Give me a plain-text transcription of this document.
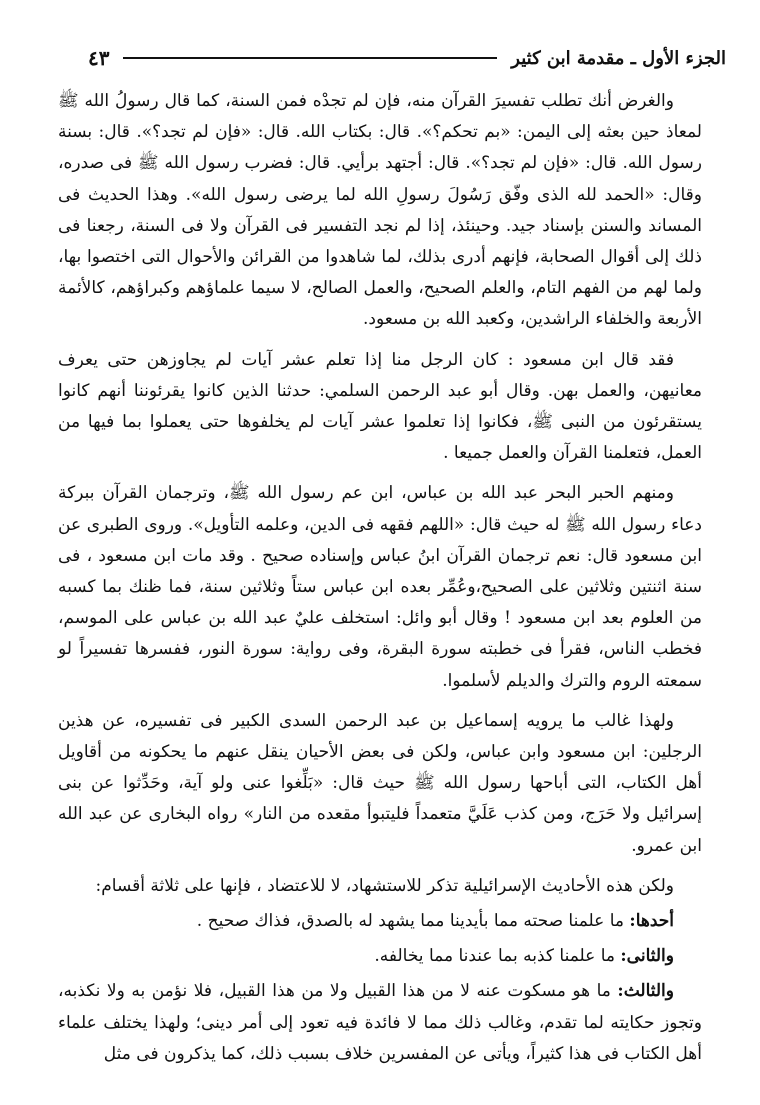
الجزء الأول ـ مقدمة ابن كثير
٤٣

والغرض أنك تطلب تفسيرَ القرآن منه، فإن لم تجدْه فمن السنة، كما قال رسولُ الله ﷺ لمعاذ حين بعثه إلى اليمن: «بم تحكم؟». قال: بكتاب الله. قال: «فإن لم تجد؟». قال: بسنة رسول الله. قال: «فإن لم تجد؟». قال: أجتهد برأيي. قال: فضرب رسول الله ﷺ فى صدره، وقال: «الحمد لله الذى وفّق رَسُولَ رسولِ الله لما يرضى رسول الله». وهذا الحديث فى المساند والسنن بإسناد جيد. وحينئذ، إذا لم نجد التفسير فى القرآن ولا فى السنة، رجعنا فى ذلك إلى أقوال الصحابة، فإنهم أدرى بذلك، لما شاهدوا من القرائن والأحوال التى اختصوا بها، ولما لهم من الفهم التام، والعلم الصحيح، والعمل الصالح، لا سيما علماؤهم وكبراؤهم، كالأئمة الأربعة والخلفاء الراشدين، وكعبد الله بن مسعود.

فقد قال ابن مسعود : كان الرجل منا إذا تعلم عشر آيات لم يجاوزهن حتى يعرف معانيهن، والعمل بهن. وقال أبو عبد الرحمن السلمي: حدثنا الذين كانوا يقرئوننا أنهم كانوا يستقرئون من النبى ﷺ، فكانوا إذا تعلموا عشر آيات لم يخلفوها حتى يعملوا بما فيها من العمل، فتعلمنا القرآن والعمل جميعا .

ومنهم الحبر البحر عبد الله بن عباس، ابن عم رسول الله ﷺ، وترجمان القرآن ببركة دعاء رسول الله ﷺ له حيث قال: «اللهم فقهه فى الدين، وعلمه التأويل». وروى الطبرى عن ابن مسعود قال: نعم ترجمان القرآن ابنُ عباس وإسناده صحيح . وقد مات ابن مسعود ، فى سنة اثنتين وثلاثين على الصحيح،وعُمِّر بعده ابن عباس ستاً وثلاثين سنة، فما ظنك بما كسبه من العلوم بعد ابن مسعود ! وقال أبو وائل: استخلف عليٌ عبد الله بن عباس على الموسم، فخطب الناس، فقرأ فى خطبته سورة البقرة، وفى رواية: سورة النور، ففسرها تفسيراً لو سمعته الروم والترك والديلم لأسلموا.

ولهذا غالب ما يرويه إسماعيل بن عبد الرحمن السدى الكبير فى تفسيره، عن هذين الرجلين: ابن مسعود وابن عباس، ولكن فى بعض الأحيان ينقل عنهم ما يحكونه من أقاويل أهل الكتاب، التى أباحها رسول الله ﷺ حيث قال: «بَلِّغوا عنى ولو آية، وحَدِّثوا عن بنى إسرائيل ولا حَرَج، ومن كذب عَلَيَّ متعمداً فليتبوأ مقعده من النار» رواه البخارى عن عبد الله ابن عمرو.

ولكن هذه الأحاديث الإسرائيلية تذكر للاستشهاد، لا للاعتضاد ، فإنها على ثلاثة أقسام:

أحدها: ما علمنا صحته مما بأيدينا مما يشهد له بالصدق، فذاك صحيح .

والثانى: ما علمنا كذبه بما عندنا مما يخالفه.

والثالث: ما هو مسكوت عنه لا من هذا القبيل ولا من هذا القبيل، فلا نؤمن به ولا نكذبه، وتجوز حكايته لما تقدم، وغالب ذلك مما لا فائدة فيه تعود إلى أمر دينى؛ ولهذا يختلف علماء أهل الكتاب فى هذا كثيراً، ويأتى عن المفسرين خلاف بسبب ذلك، كما يذكرون فى مثل
